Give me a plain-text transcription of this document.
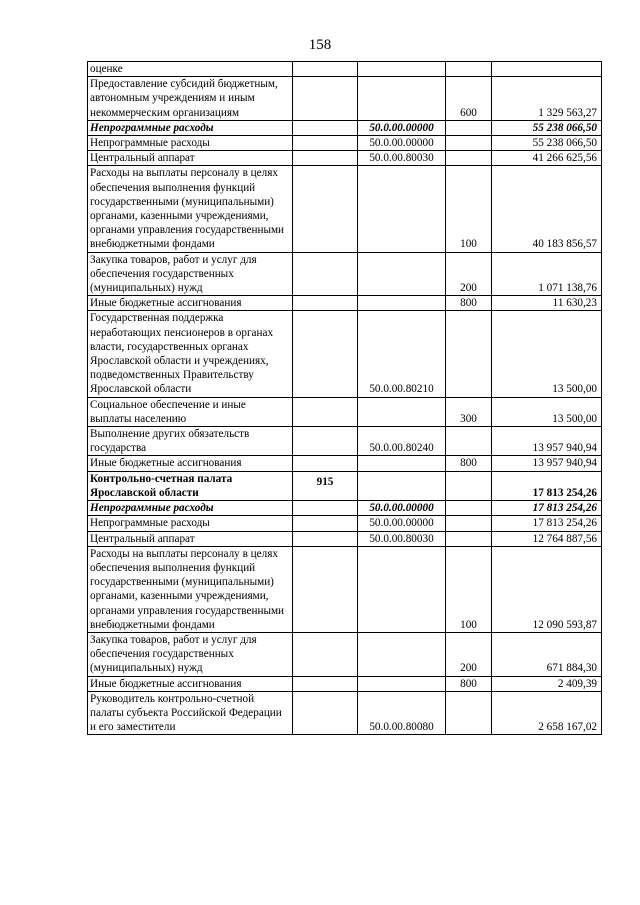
158
оценке				
Предоставление субсидий бюджетным, автономным учреждениям и иным некоммерческим организациям			600	1 329 563,27
Непрограммные расходы		50.0.00.00000		55 238 066,50
Непрограммные расходы		50.0.00.00000		55 238 066,50
Центральный аппарат		50.0.00.80030		41 266 625,56
Расходы на выплаты персоналу в целях обеспечения выполнения функций государственными (муниципальными) органами, казенными учреждениями, органами управления государственными внебюджетными фондами			100	40 183 856,57
Закупка товаров, работ и услуг для обеспечения государственных (муниципальных) нужд			200	1 071 138,76
Иные бюджетные ассигнования			800	11 630,23
Государственная поддержка неработающих пенсионеров в органах власти, государственных органах Ярославской области и учреждениях, подведомственных Правительству Ярославской области		50.0.00.80210		13 500,00
Социальное обеспечение и иные выплаты населению			300	13 500,00
Выполнение других обязательств государства		50.0.00.80240		13 957 940,94
Иные бюджетные ассигнования			800	13 957 940,94
Контрольно-счетная палата Ярославской области	915			17 813 254,26
Непрограммные расходы		50.0.00.00000		17 813 254,26
Непрограммные расходы		50.0.00.00000		17 813 254,26
Центральный аппарат		50.0.00.80030		12 764 887,56
Расходы на выплаты персоналу в целях обеспечения выполнения функций государственными (муниципальными) органами, казенными учреждениями, органами управления государственными внебюджетными фондами			100	12 090 593,87
Закупка товаров, работ и услуг для обеспечения государственных (муниципальных) нужд			200	671 884,30
Иные бюджетные ассигнования			800	2 409,39
Руководитель контрольно-счетной палаты субъекта Российской Федерации и его заместители		50.0.00.80080		2 658 167,02
